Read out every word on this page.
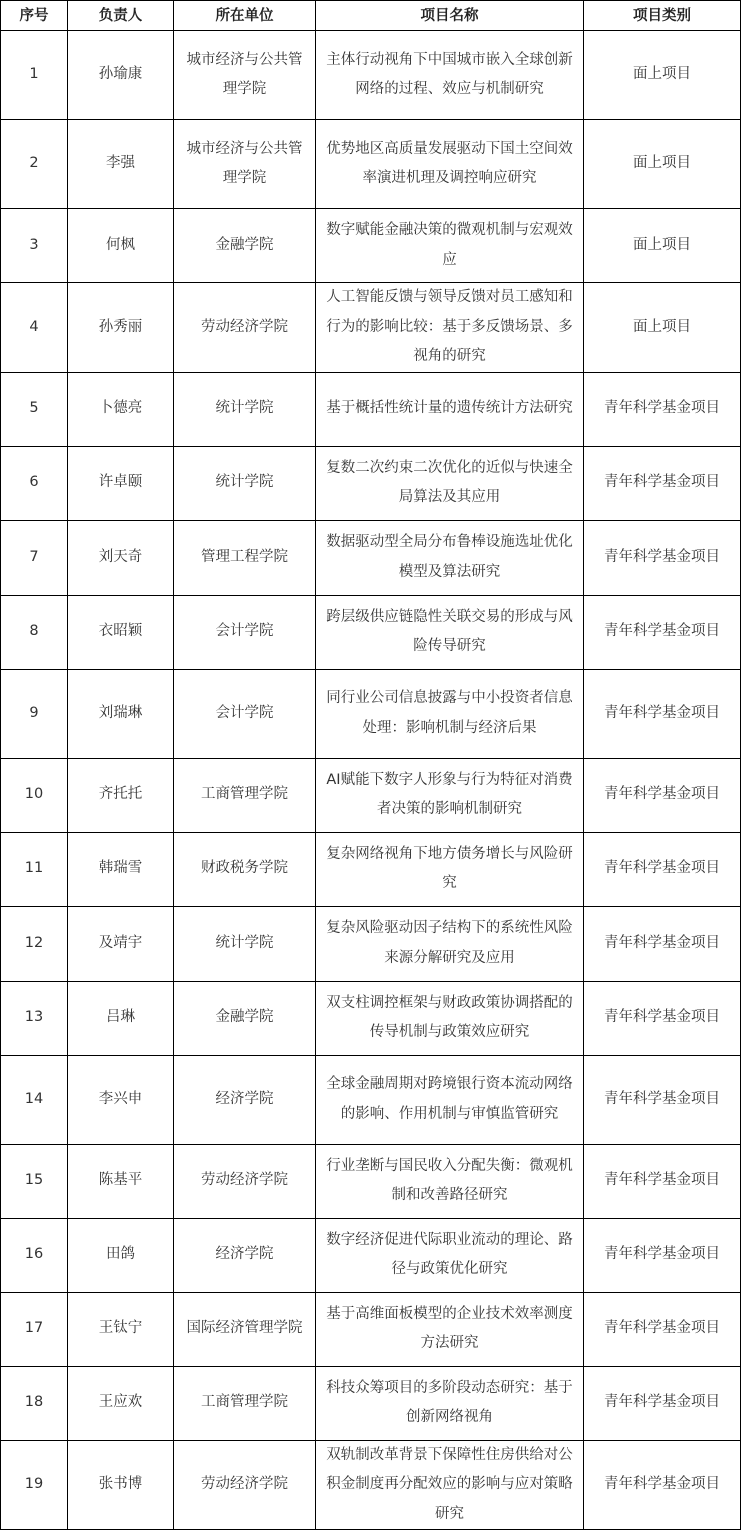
序号	负责人	所在单位	项目名称	项目类别
1	孙瑜康	城市经济与公共管理学院	主体行动视角下中国城市嵌入全球创新网络的过程、效应与机制研究	面上项目
2	李强	城市经济与公共管理学院	优势地区高质量发展驱动下国土空间效率演进机理及调控响应研究	面上项目
3	何枫	金融学院	数字赋能金融决策的微观机制与宏观效应	面上项目
4	孙秀丽	劳动经济学院	人工智能反馈与领导反馈对员工感知和行为的影响比较：基于多反馈场景、多视角的研究	面上项目
5	卜德亮	统计学院	基于概括性统计量的遗传统计方法研究	青年科学基金项目
6	许卓颐	统计学院	复数二次约束二次优化的近似与快速全局算法及其应用	青年科学基金项目
7	刘天奇	管理工程学院	数据驱动型全局分布鲁棒设施选址优化模型及算法研究	青年科学基金项目
8	衣昭颖	会计学院	跨层级供应链隐性关联交易的形成与风险传导研究	青年科学基金项目
9	刘瑞琳	会计学院	同行业公司信息披露与中小投资者信息处理：影响机制与经济后果	青年科学基金项目
10	齐托托	工商管理学院	AI赋能下数字人形象与行为特征对消费者决策的影响机制研究	青年科学基金项目
11	韩瑞雪	财政税务学院	复杂网络视角下地方债务增长与风险研究	青年科学基金项目
12	及靖宇	统计学院	复杂风险驱动因子结构下的系统性风险来源分解研究及应用	青年科学基金项目
13	吕琳	金融学院	双支柱调控框架与财政政策协调搭配的传导机制与政策效应研究	青年科学基金项目
14	李兴申	经济学院	全球金融周期对跨境银行资本流动网络的影响、作用机制与审慎监管研究	青年科学基金项目
15	陈基平	劳动经济学院	行业垄断与国民收入分配失衡：微观机制和改善路径研究	青年科学基金项目
16	田鸽	经济学院	数字经济促进代际职业流动的理论、路径与政策优化研究	青年科学基金项目
17	王钛宁	国际经济管理学院	基于高维面板模型的企业技术效率测度方法研究	青年科学基金项目
18	王应欢	工商管理学院	科技众筹项目的多阶段动态研究：基于创新网络视角	青年科学基金项目
19	张书博	劳动经济学院	双轨制改革背景下保障性住房供给对公积金制度再分配效应的影响与应对策略研究	青年科学基金项目
